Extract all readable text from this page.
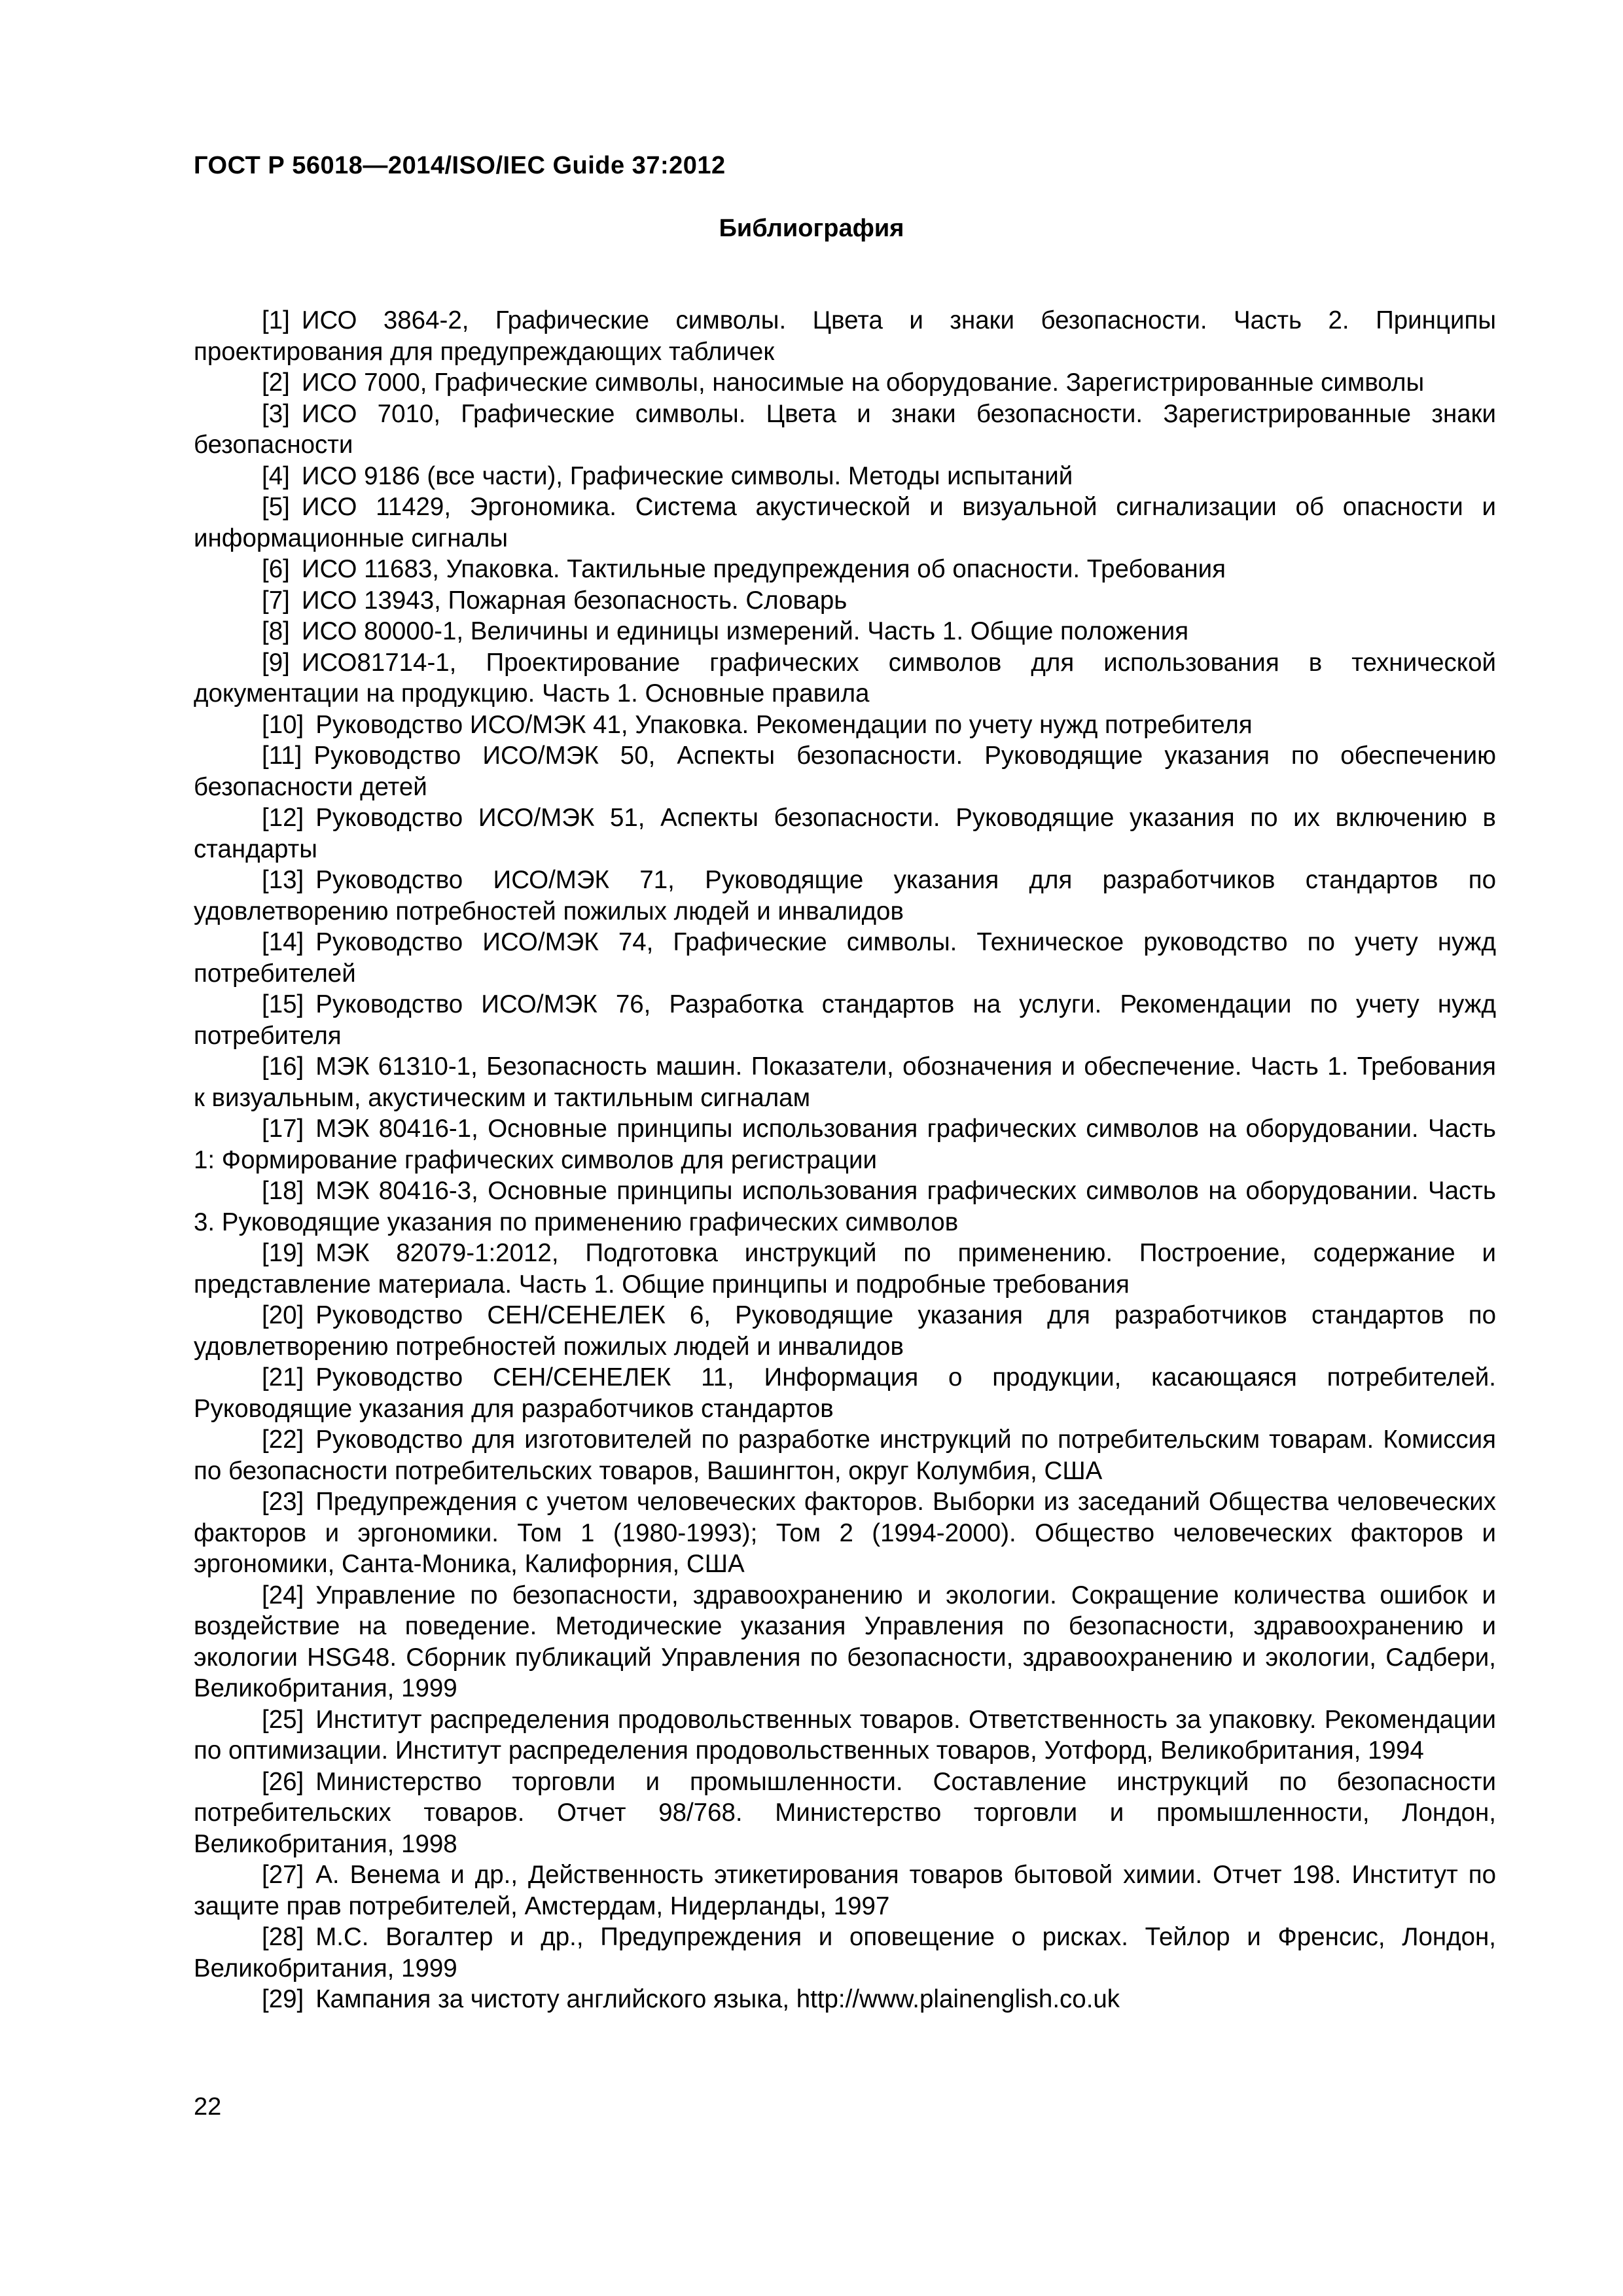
ГОСТ Р 56018—2014/ISO/IEC Guide 37:2012
Библиография
[1] ИСО 3864-2, Графические символы. Цвета и знаки безопасности. Часть 2. Принципы проектирования для предупреждающих табличек
[2] ИСО 7000, Графические символы, наносимые на оборудование. Зарегистрированные символы
[3] ИСО 7010, Графические символы. Цвета и знаки безопасности. Зарегистрированные знаки безопасности
[4] ИСО 9186 (все части), Графические символы. Методы испытаний
[5] ИСО 11429, Эргономика. Система акустической и визуальной сигнализации об опасности и информационные сигналы
[6] ИСО 11683, Упаковка. Тактильные предупреждения об опасности. Требования
[7] ИСО 13943, Пожарная безопасность. Словарь
[8] ИСО 80000-1, Величины и единицы измерений. Часть 1. Общие положения
[9] ИСО81714-1, Проектирование графических символов для использования в технической документации на продукцию. Часть 1. Основные правила
[10] Руководство ИСО/МЭК 41, Упаковка. Рекомендации по учету нужд потребителя
[11] Руководство ИСО/МЭК 50, Аспекты безопасности. Руководящие указания по обеспечению безопасности детей
[12] Руководство ИСО/МЭК 51, Аспекты безопасности. Руководящие указания по их включению в стандарты
[13] Руководство ИСО/МЭК 71, Руководящие указания для разработчиков стандартов по удовлетворению потребностей пожилых людей и инвалидов
[14] Руководство ИСО/МЭК 74, Графические символы. Техническое руководство по учету нужд потребителей
[15] Руководство ИСО/МЭК 76, Разработка стандартов на услуги. Рекомендации по учету нужд потребителя
[16] МЭК 61310-1, Безопасность машин. Показатели, обозначения и обеспечение. Часть 1. Требования к визуальным, акустическим и тактильным сигналам
[17] МЭК 80416-1, Основные принципы использования графических символов на оборудовании. Часть 1: Формирование графических символов для регистрации
[18] МЭК 80416-3, Основные принципы использования графических символов на оборудовании. Часть 3. Руководящие указания по применению графических символов
[19] МЭК 82079-1:2012, Подготовка инструкций по применению. Построение, содержание и представление материала. Часть 1. Общие принципы и подробные требования
[20] Руководство СЕН/СЕНЕЛЕК 6, Руководящие указания для разработчиков стандартов по удовлетворению потребностей пожилых людей и инвалидов
[21] Руководство СЕН/СЕНЕЛЕК 11, Информация о продукции, касающаяся потребителей. Руководящие указания для разработчиков стандартов
[22] Руководство для изготовителей по разработке инструкций по потребительским товарам. Комиссия по безопасности потребительских товаров, Вашингтон, округ Колумбия, США
[23] Предупреждения с учетом человеческих факторов. Выборки из заседаний Общества человеческих факторов и эргономики. Том 1 (1980-1993); Том 2 (1994-2000). Общество человеческих факторов и эргономики, Санта-Моника, Калифорния, США
[24] Управление по безопасности, здравоохранению и экологии. Сокращение количества ошибок и воздействие на поведение. Методические указания Управления по безопасности, здравоохранению и экологии HSG48. Сборник публикаций Управления по безопасности, здравоохранению и экологии, Садбери, Великобритания, 1999
[25] Институт распределения продовольственных товаров. Ответственность за упаковку. Рекомендации по оптимизации. Институт распределения продовольственных товаров, Уотфорд, Великобритания, 1994
[26] Министерство торговли и промышленности. Составление инструкций по безопасности потребительских товаров. Отчет 98/768. Министерство торговли и промышленности, Лондон, Великобритания, 1998
[27] А. Венема и др., Действенность этикетирования товаров бытовой химии. Отчет 198. Институт по защите прав потребителей, Амстердам, Нидерланды, 1997
[28] М.С. Вогалтер и др., Предупреждения и оповещение о рисках. Тейлор и Френсис, Лондон, Великобритания, 1999
[29] Кампания за чистоту английского языка, http://www.plainenglish.co.uk
22
